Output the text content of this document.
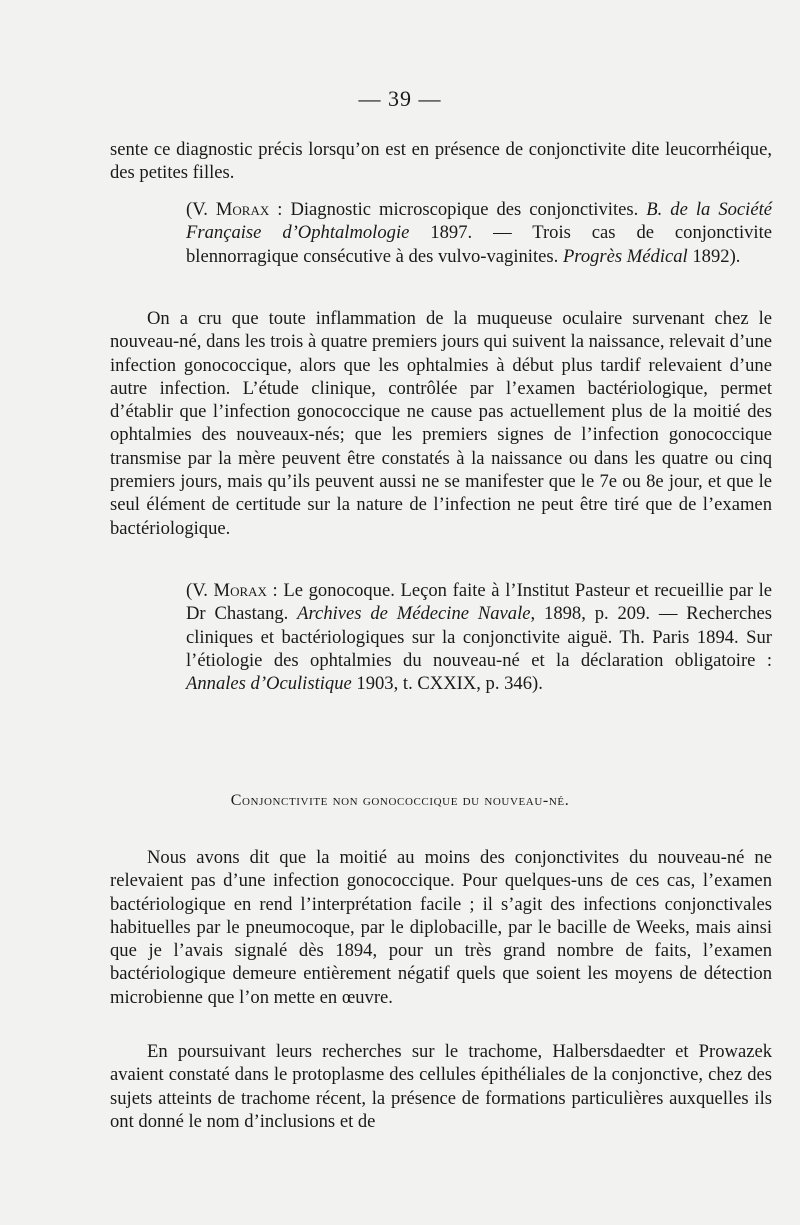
— 39 —

sente ce diagnostic précis lorsqu’on est en présence de conjonctivite dite leucorrhéique, des petites filles.

(V. Morax : Diagnostic microscopique des conjonctivites. B. de la Société Française d’Ophtalmologie 1897. — Trois cas de conjonctivite blennorragique consécutive à des vulvo-vaginites. Progrès Médical 1892).

On a cru que toute inflammation de la muqueuse oculaire survenant chez le nouveau-né, dans les trois à quatre premiers jours qui suivent la naissance, relevait d’une infection gonococcique, alors que les ophtalmies à début plus tardif relevaient d’une autre infection. L’étude clinique, contrôlée par l’examen bactériologique, permet d’établir que l’infection gonococcique ne cause pas actuellement plus de la moitié des ophtalmies des nouveaux-nés; que les premiers signes de l’infection gonococcique transmise par la mère peuvent être constatés à la naissance ou dans les quatre ou cinq premiers jours, mais qu’ils peuvent aussi ne se manifester que le 7e ou 8e jour, et que le seul élément de certitude sur la nature de l’infection ne peut être tiré que de l’examen bactériologique.

(V. Morax : Le gonocoque. Leçon faite à l’Institut Pasteur et recueillie par le Dr Chastang. Archives de Médecine Navale, 1898, p. 209. — Recherches cliniques et bactériologiques sur la conjonctivite aiguë. Th. Paris 1894. Sur l’étiologie des ophtalmies du nouveau-né et la déclaration obligatoire : Annales d’Oculistique 1903, t. CXXIX, p. 346).

Conjonctivite non gonococcique du nouveau-né.

Nous avons dit que la moitié au moins des conjonctivites du nouveau-né ne relevaient pas d’une infection gonococcique. Pour quelques-uns de ces cas, l’examen bactériologique en rend l’interprétation facile ; il s’agit des infections conjonctivales habituelles par le pneumocoque, par le diplobacille, par le bacille de Weeks, mais ainsi que je l’avais signalé dès 1894, pour un très grand nombre de faits, l’examen bactériologique demeure entièrement négatif quels que soient les moyens de détection microbienne que l’on mette en œuvre.

En poursuivant leurs recherches sur le trachome, Halbersdaedter et Prowazek avaient constaté dans le protoplasme des cellules épithéliales de la conjonctive, chez des sujets atteints de trachome récent, la présence de formations particulières auxquelles ils ont donné le nom d’inclusions et de
